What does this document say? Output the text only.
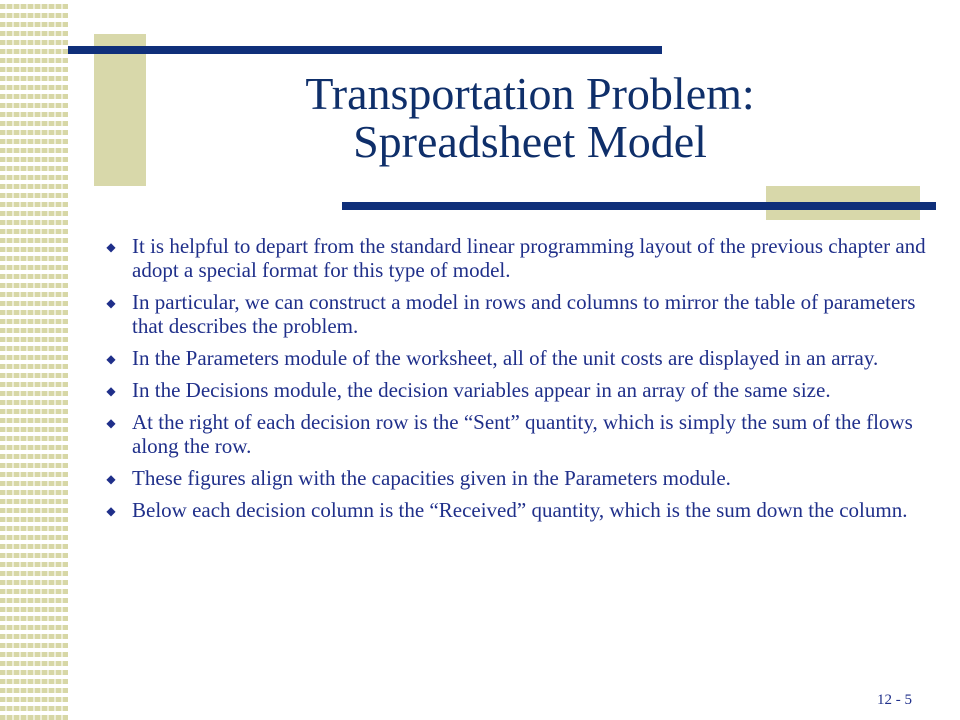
Transportation Problem:
Spreadsheet Model
◆ It is helpful to depart from the standard linear programming layout of the previous chapter and adopt a special format for this type of model.
◆ In particular, we can construct a model in rows and columns to mirror the table of parameters that describes the problem.
◆ In the Parameters module of the worksheet, all of the unit costs are displayed in an array.
◆ In the Decisions module, the decision variables appear in an array of the same size.
◆ At the right of each decision row is the “Sent” quantity, which is simply the sum of the flows along the row.
◆ These figures align with the capacities given in the Parameters module.
◆ Below each decision column is the “Received” quantity, which is the sum down the column.
12 - 5
